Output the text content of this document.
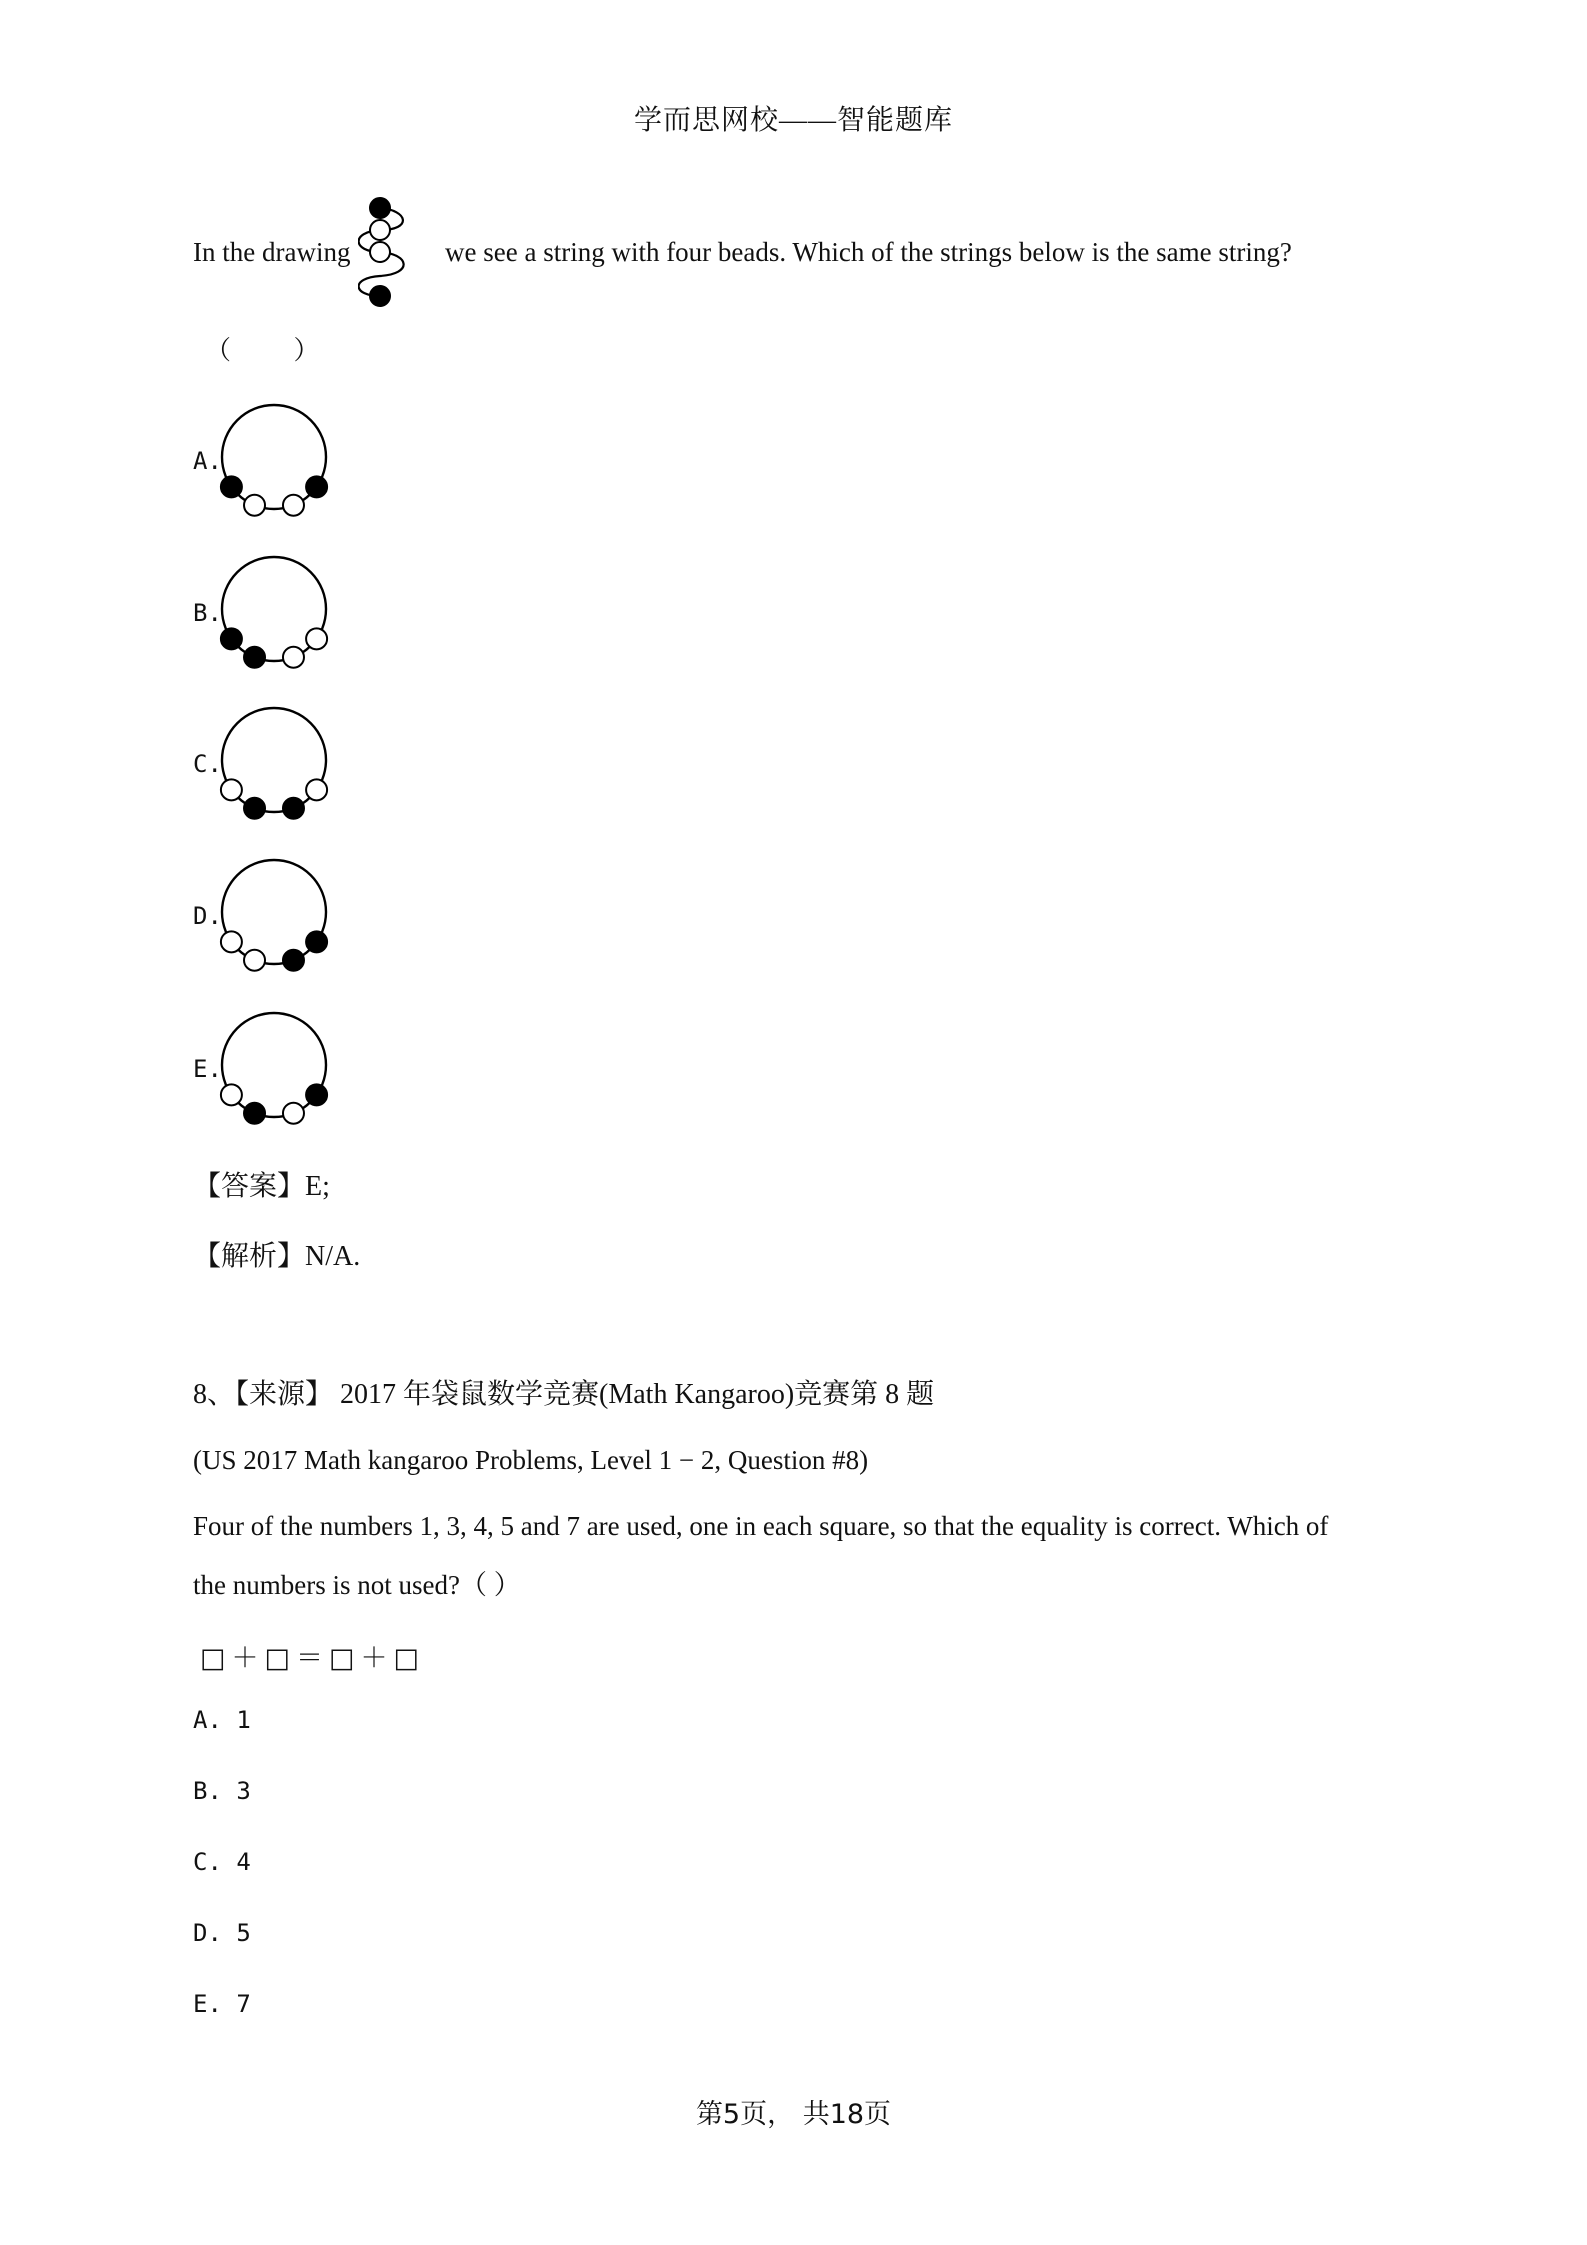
学而思网校——智能题库
In the drawing	we see a string with four beads. Which of the strings below is the same string?
（ ）
A.
B.
C.
D.
E.
【答案】E;
【解析】N/A.
8、【来源】 2017 年袋鼠数学竞赛(Math Kangaroo)竞赛第 8 题
(US 2017 Math kangaroo Problems, Level 1 − 2, Question #8)
Four of the numbers 1, 3, 4, 5 and 7 are used, one in each square, so that the equality is correct. Which of
the numbers is not used?（ ）
□＋□＝□＋□
A. 1
B. 3
C. 4
D. 5
E. 7
第5页， 共18页
